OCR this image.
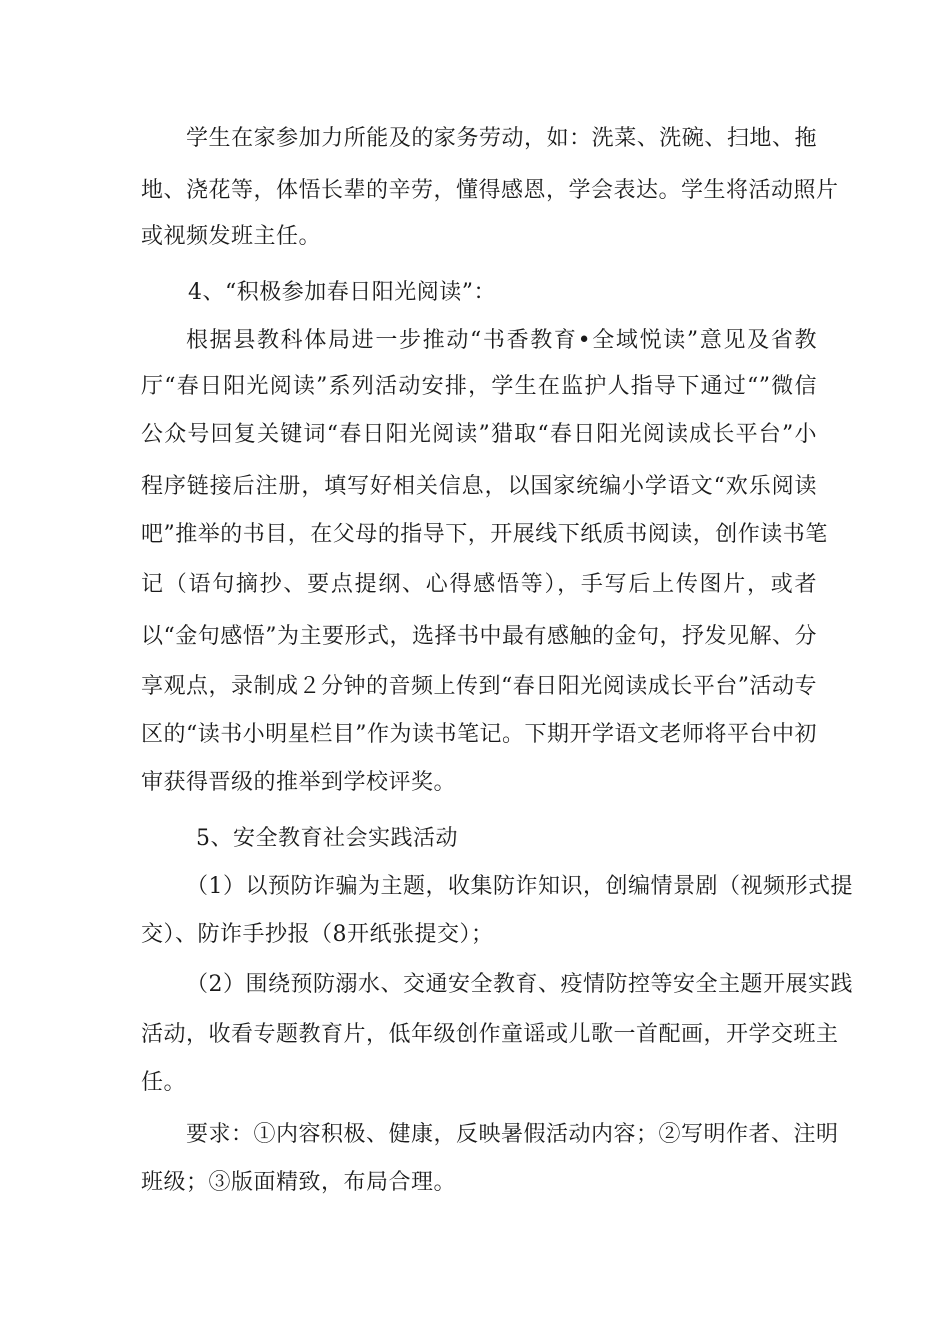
学生在家参加力所能及的家务劳动，如：洗菜、洗碗、扫地、拖
地、浇花等，体悟长辈的辛劳，懂得感恩，学会表达。学生将活动照片
或视频发班主任。
4、“积极参加春日阳光阅读”：
根据县教科体局进一步推动“书香教育•全域悦读”意见及省教
厅“春日阳光阅读”系列活动安排，学生在监护人指导下通过“”微信
公众号回复关键词“春日阳光阅读”猎取“春日阳光阅读成长平台”小
程序链接后注册，填写好相关信息，以国家统编小学语文“欢乐阅读
吧”推举的书目，在父母的指导下，开展线下纸质书阅读，创作读书笔
记（语句摘抄、要点提纲、心得感悟等），手写后上传图片，或者
以“金句感悟”为主要形式，选择书中最有感触的金句，抒发见解、分
享观点，录制成２分钟的音频上传到“春日阳光阅读成长平台”活动专
区的“读书小明星栏目”作为读书笔记。下期开学语文老师将平台中初
审获得晋级的推举到学校评奖。
5、安全教育社会实践活动
（1）以预防诈骗为主题，收集防诈知识，创编情景剧（视频形式提
交）、防诈手抄报（8开纸张提交）；
（2）围绕预防溺水、交通安全教育、疫情防控等安全主题开展实践
活动，收看专题教育片，低年级创作童谣或儿歌一首配画，开学交班主
任。
要求：①内容积极、健康，反映暑假活动内容；②写明作者、注明
班级；③版面精致，布局合理。
